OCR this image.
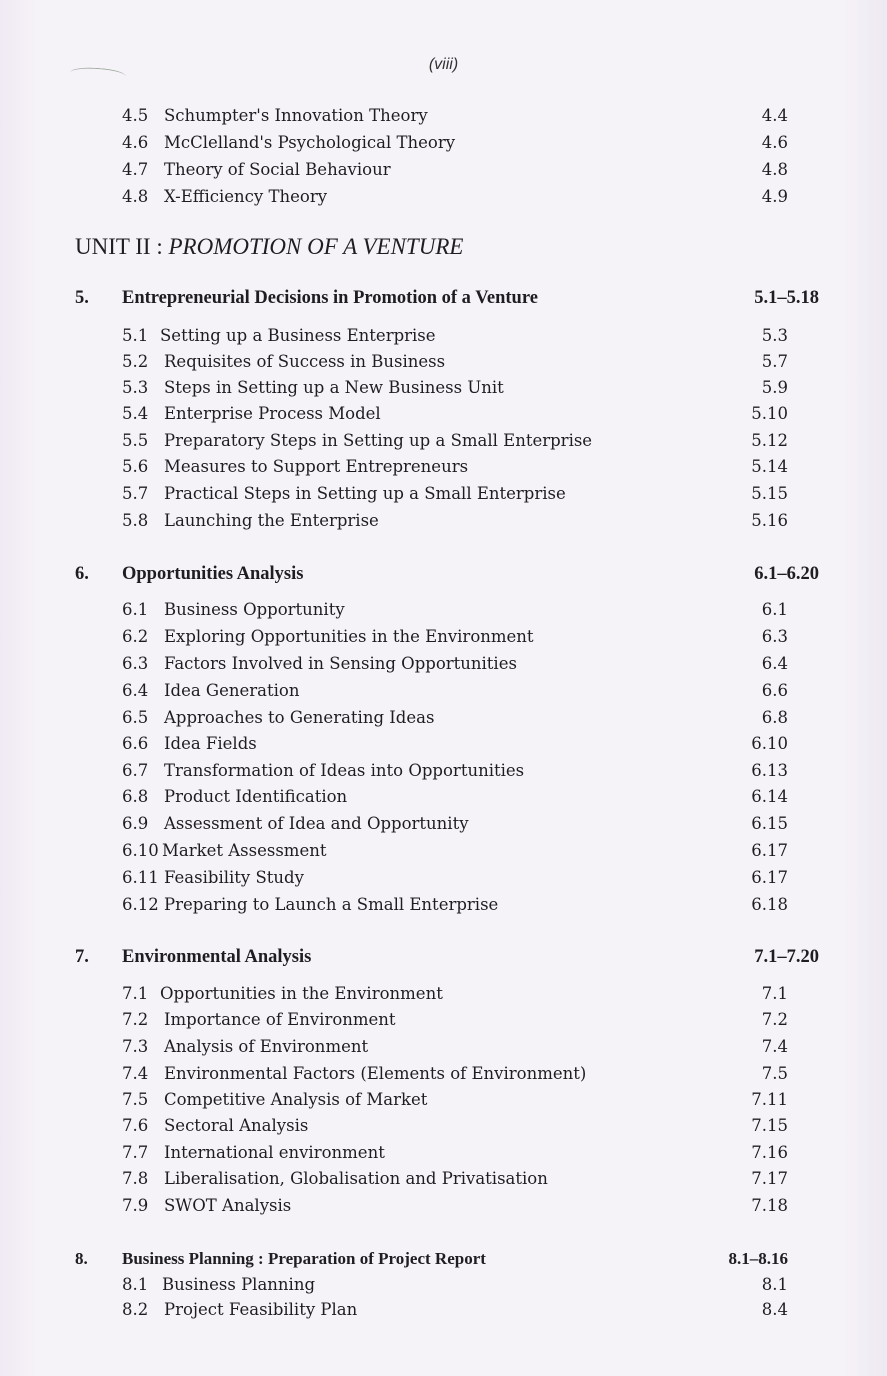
(viii)
4.5 Schumpter's Innovation Theory	4.4
4.6 McClelland's Psychological Theory	4.6
4.7 Theory of Social Behaviour	4.8
4.8 X-Efficiency Theory	4.9
UNIT II : PROMOTION OF A VENTURE
5. Entrepreneurial Decisions in Promotion of a Venture	5.1–5.18
5.1 Setting up a Business Enterprise	5.3
5.2 Requisites of Success in Business	5.7
5.3 Steps in Setting up a New Business Unit	5.9
5.4 Enterprise Process Model	5.10
5.5 Preparatory Steps in Setting up a Small Enterprise	5.12
5.6 Measures to Support Entrepreneurs	5.14
5.7 Practical Steps in Setting up a Small Enterprise	5.15
5.8 Launching the Enterprise	5.16
6. Opportunities Analysis	6.1–6.20
6.1 Business Opportunity	6.1
6.2 Exploring Opportunities in the Environment	6.3
6.3 Factors Involved in Sensing Opportunities	6.4
6.4 Idea Generation	6.6
6.5 Approaches to Generating Ideas	6.8
6.6 Idea Fields	6.10
6.7 Transformation of Ideas into Opportunities	6.13
6.8 Product Identification	6.14
6.9 Assessment of Idea and Opportunity	6.15
6.10 Market Assessment	6.17
6.11 Feasibility Study	6.17
6.12 Preparing to Launch a Small Enterprise	6.18
7. Environmental Analysis	7.1–7.20
7.1 Opportunities in the Environment	7.1
7.2 Importance of Environment	7.2
7.3 Analysis of Environment	7.4
7.4 Environmental Factors (Elements of Environment)	7.5
7.5 Competitive Analysis of Market	7.11
7.6 Sectoral Analysis	7.15
7.7 International environment	7.16
7.8 Liberalisation, Globalisation and Privatisation	7.17
7.9 SWOT Analysis	7.18
8. Business Planning : Preparation of Project Report	8.1–8.16
8.1 Business Planning	8.1
8.2 Project Feasibility Plan	8.4
